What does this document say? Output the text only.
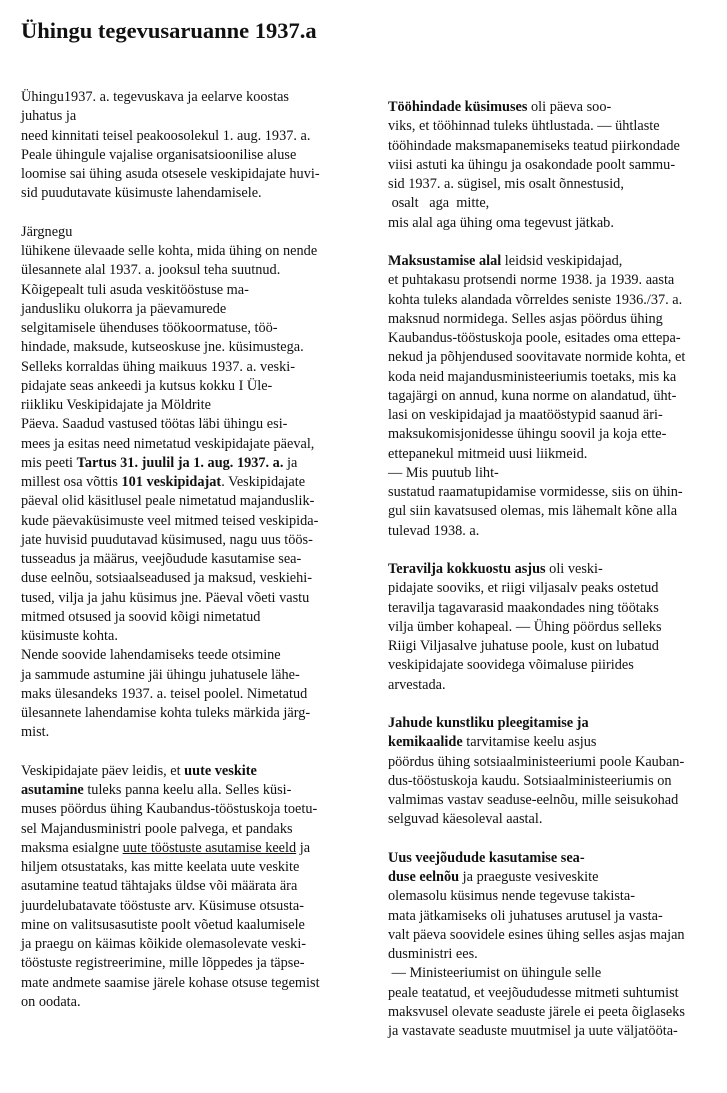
Ühingu tegevusaruanne 1937.a
Ühingu1937. a. tegevuskava ja eelarve koostas
juhatus ja
need kinnitati teisel peakoosolekul 1. aug. 1937. a.
Peale ühingule vajalise organisatsioonilise aluse
loomise sai ühing asuda otsesele veskipidajate huvi-
sid puudutavate küsimuste lahendamisele.
Järgnegu
lühikene ülevaade selle kohta, mida ühing on nende
ülesannete alal 1937. a. jooksul teha suutnud.
Kõigepealt tuli asuda veskitööstuse ma-
jandusliku olukorra ja päevamurede
selgitamisele ühenduses töökoormatuse, töö-
hindade, maksude, kutseoskuse jne. küsimustega.
Selleks korraldas ühing maikuus 1937. a. veski-
pidajate seas ankeedi ja kutsus kokku I Üle-
riikliku Veskipidajate ja Möldrite
Päeva. Saadud vastused töötas läbi ühingu esi-
mees ja esitas need nimetatud veskipidajate päeval,
mis peeti Tartus 31. juulil ja 1. aug. 1937. a. ja
millest osa võttis 101 veskipidajat. Veskipidajate
päeval olid käsitlusel peale nimetatud majanduslik-
kude päevaküsimuste veel mitmed teised veskipida-
jate huvisid puudutavad küsimused, nagu uus töös-
tusseadus ja määrus, veejõudude kasutamise sea-
duse eelnõu, sotsiaalseadused ja maksud, veskiehi-
tused, vilja ja jahu küsimus jne. Päeval võeti vastu
mitmed otsused ja soovid kõigi nimetatud
küsimuste kohta.
Nende soovide lahendamiseks teede otsimine
ja sammude astumine jäi ühingu juhatusele lähe-
maks ülesandeks 1937. a. teisel poolel. Nimetatud
ülesannete lahendamise kohta tuleks märkida järg-
mist.
Veskipidajate päev leidis, et uute veskite
asutamine tuleks panna keelu alla. Selles küsi-
muses pöördus ühing Kaubandus-tööstuskoja toetu-
sel Majandusministri poole palvega, et pandaks
maksma esialgne uute tööstuste asutamise keeld ja
hiljem otsustataks, kas mitte keelata uute veskite
asutamine teatud tähtajaks üldse või määrata ära
juurdelubatavate tööstuste arv. Küsimuse otsusta-
mine on valitsusasutiste poolt võetud kaalumisele
ja praegu on käimas kõikide olemasolevate veski-
tööstuste registreerimine, mille lõppedes ja täpse-
mate andmete saamise järele kohase otsuse tegemist
on oodata.
Tööhindade küsimuses oli päeva soo-
viks, et tööhinnad tuleks ühtlustada. — ühtlaste
tööhindade maksmapanemiseks teatud piirkondade
viisi astuti ka ühingu ja osakondade poolt sammu-
sid 1937. a. sügisel, mis osalt õnnestusid,
osalt   aga  mitte,
mis alal aga ühing oma tegevust jätkab.
Maksustamise alal leidsid veskipidajad,
et puhtakasu protsendi norme 1938. ja 1939. aasta
kohta tuleks alandada võrreldes seniste 1936./37. a.
maksnud normidega. Selles asjas pöördus ühing
Kaubandus-tööstuskoja poole, esitades oma ettepa-
nekud ja põhjendused soovitavate normide kohta, et
koda neid majandusministeeriumis toetaks, mis ka
tagajärgi on annud, kuna norme on alandatud, üht-
lasi on veskipidajad ja maatööstурid saanud äri-
maksukomisjonidesse ühingu soovil ja koja ette-
ettepanekul mitmeid uusi liikmeid.
— Mis puutub liht-
sustatud raamatupidamise vormidesse, siis on ühin-
gul siin kavatsused olemas, mis lähemalt kõne alla
tulevad 1938. a.
Teravilja kokkuostu asjus oli veski-
pidajate sooviks, et riigi viljasalv peaks ostetud
teravilja tagavarasid maakondades ning töötaks
vilja ümber kohapeal. — Ühing pöördus selleks
Riigi Viljasalve juhatuse poole, kust on lubatud
veskipidajate soovidega võimaluse piirides
arvestada.
Jahude kunstliku pleegitamise ja
kemikaalide tarvitamise keelu asjus
pöördus ühing sotsiaalministeeriumi poole Kauban-
dus-tööstuskoja kaudu. Sotsiaalministeeriumis on
valmimas vastav seaduse-eelnõu, mille seisukohad
selguvad käesoleval aastal.
Uus veejõudude kasutamise sea-
duse eelnõu ja praeguste vesiveskite
olemasolu küsimus nende tegevuse takista-
mata jätkamiseks oli juhatuses arutusel ja vasta-
valt päeva soovidele esines ühing selles asjas majan
dusministri ees.
— Ministeeriumist on ühingule selle
peale teatatud, et veejõududesse mitmeti suhtumist
maksvusel olevate seaduste järele ei peeta õiglaseks
ja vastavate seaduste muutmisel ja uute väljatööta-
